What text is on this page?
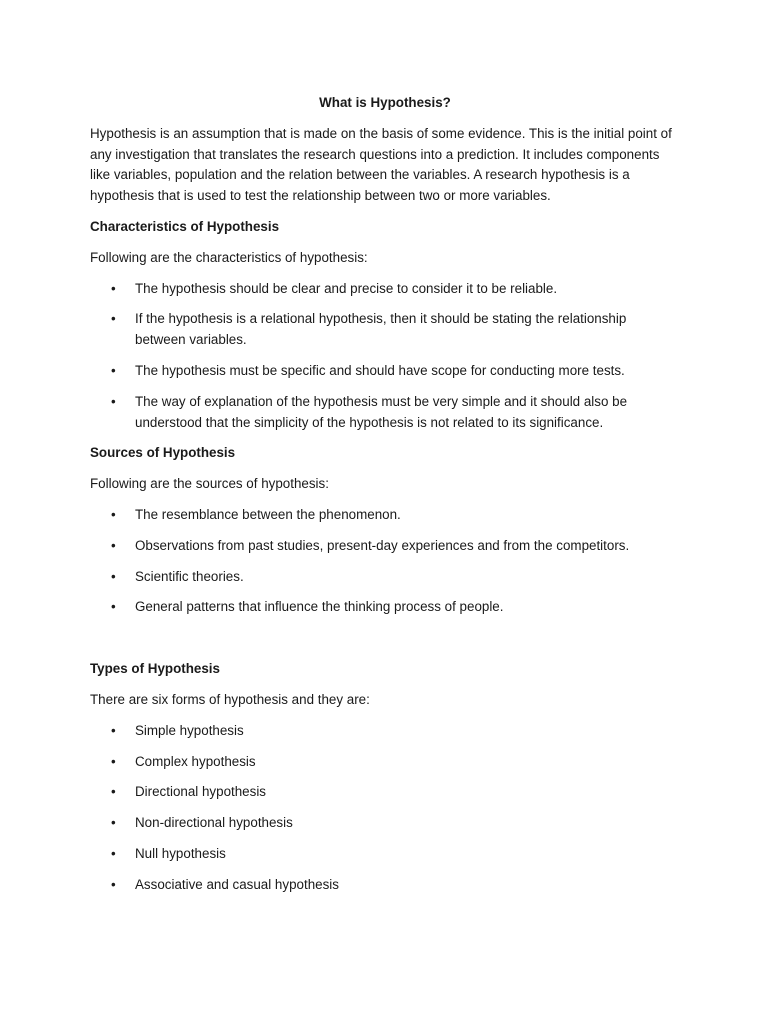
What is Hypothesis?

Hypothesis is an assumption that is made on the basis of some evidence. This is the initial point of any investigation that translates the research questions into a prediction. It includes components like variables, population and the relation between the variables. A research hypothesis is a hypothesis that is used to test the relationship between two or more variables.

Characteristics of Hypothesis

Following are the characteristics of hypothesis:

• The hypothesis should be clear and precise to consider it to be reliable.
• If the hypothesis is a relational hypothesis, then it should be stating the relationship between variables.
• The hypothesis must be specific and should have scope for conducting more tests.
• The way of explanation of the hypothesis must be very simple and it should also be understood that the simplicity of the hypothesis is not related to its significance.
Sources of Hypothesis

Following are the sources of hypothesis:

• The resemblance between the phenomenon.
• Observations from past studies, present-day experiences and from the competitors.
• Scientific theories.
• General patterns that influence the thinking process of people.
Types of Hypothesis

There are six forms of hypothesis and they are:

• Simple hypothesis
• Complex hypothesis
• Directional hypothesis
• Non-directional hypothesis
• Null hypothesis
• Associative and casual hypothesis
